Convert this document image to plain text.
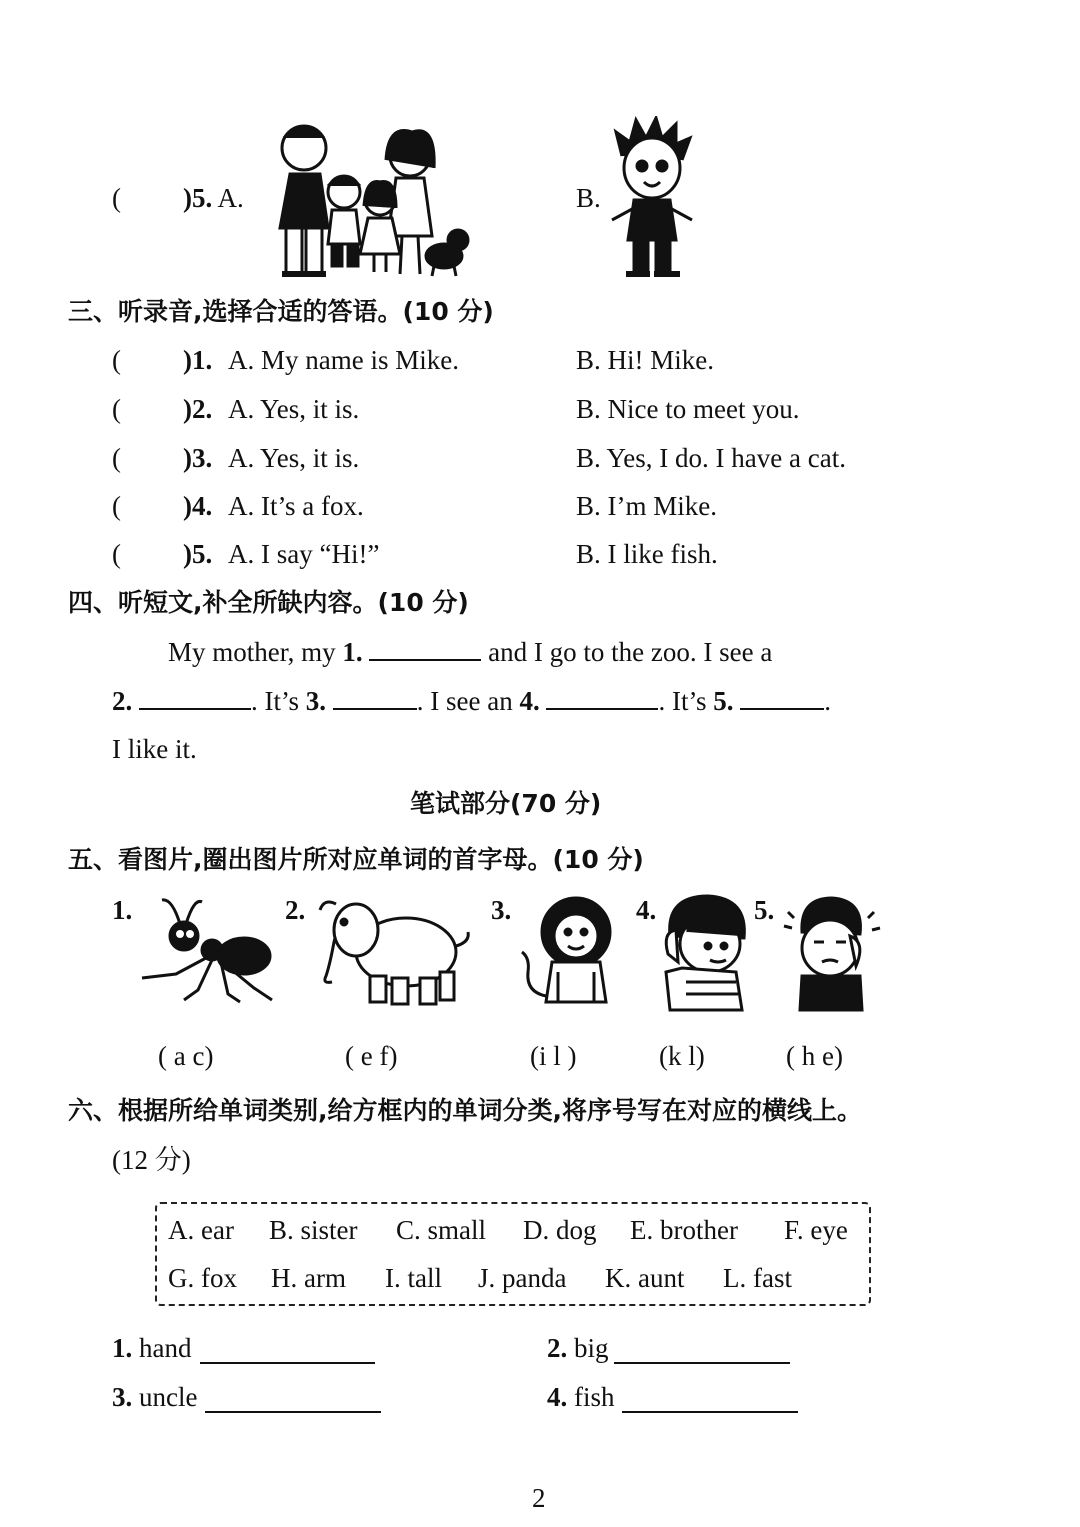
( )5. A.	B.
三、听录音,选择合适的答语。(10 分)
( )1. A. My name is Mike.	B. Hi! Mike.
( )2. A. Yes, it is.	B. Nice to meet you.
( )3. A. Yes, it is.	B. Yes, I do. I have a cat.
( )4. A. It’s a fox.	B. I’m Mike.
( )5. A. I say “Hi!”	B. I like fish.
四、听短文,补全所缺内容。(10 分)
My mother, my 1.	and I go to the zoo. I see a
2.	. It’s 3.	. I see an 4.	. It’s 5.	.
I like it.
笔试部分(70 分)
五、看图片,圈出图片所对应单词的首字母。(10 分)
1.	2.	3.	4.	5.
( a c)	( e f)	(i l )	(k l)	( h e)
六、根据所给单词类别,给方框内的单词分类,将序号写在对应的横线上。
(12 分)
A. ear B. sister C. small D. dog E. brother F. eye
G. fox H. arm I. tall J. panda K. aunt L. fast
1. hand	2. big
3. uncle	4. fish
2
